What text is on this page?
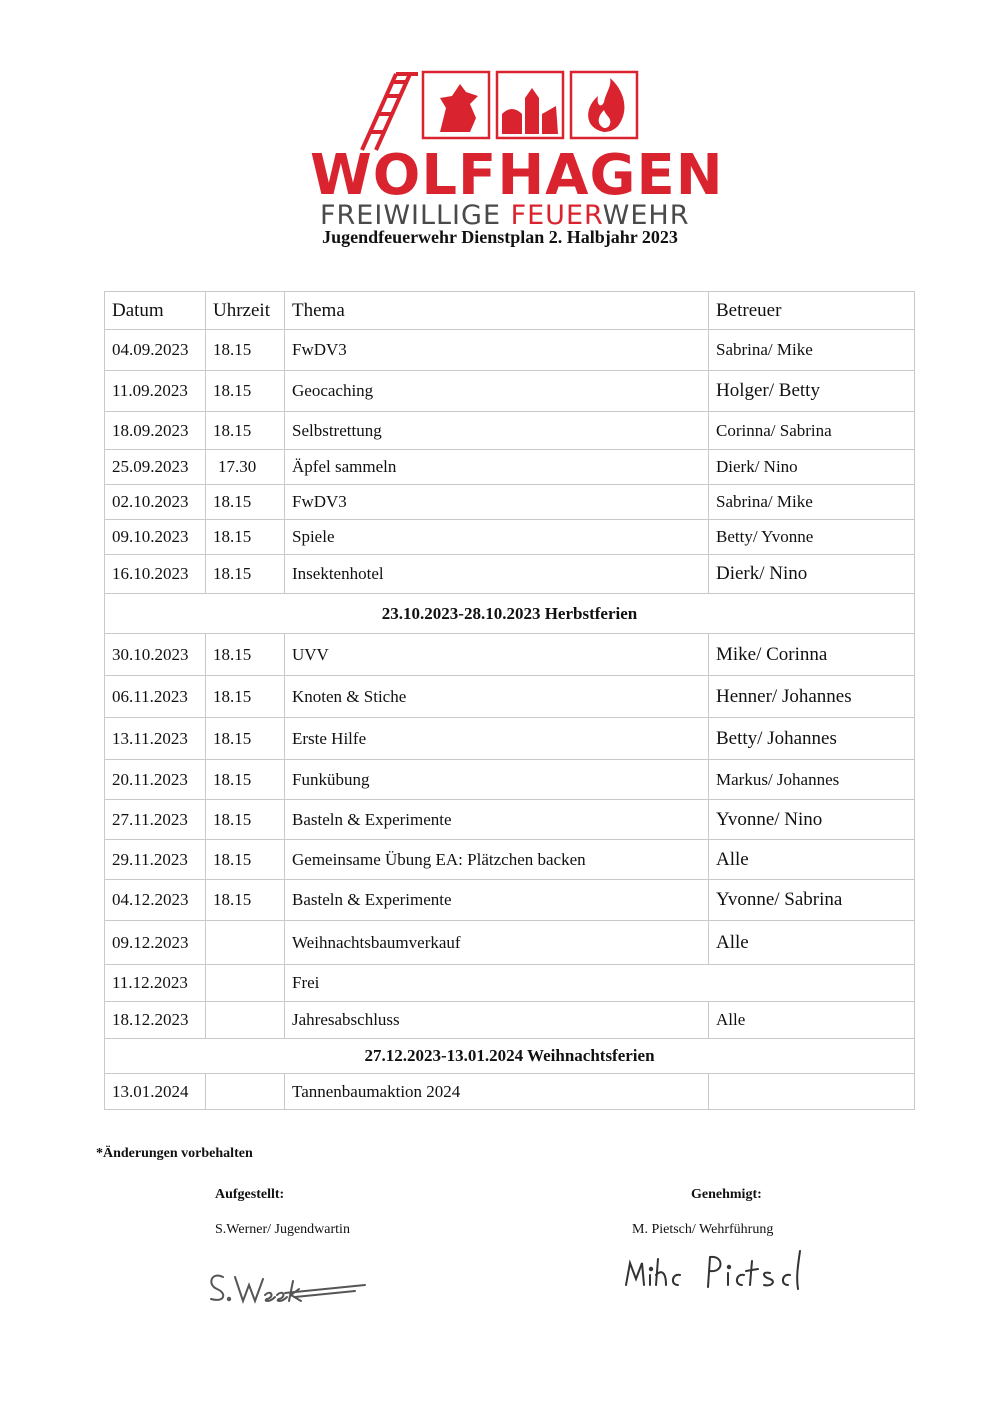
WOLFHAGEN
FREIWILLIGE FEUERWEHR
Jugendfeuerwehr Dienstplan 2. Halbjahr 2023
Datum	Uhrzeit	Thema	Betreuer
04.09.2023	18.15	FwDV3	Sabrina/ Mike
11.09.2023	18.15	Geocaching	Holger/ Betty
18.09.2023	18.15	Selbstrettung	Corinna/ Sabrina
25.09.2023	17.30	Äpfel sammeln	Dierk/ Nino
02.10.2023	18.15	FwDV3	Sabrina/ Mike
09.10.2023	18.15	Spiele	Betty/ Yvonne
16.10.2023	18.15	Insektenhotel	Dierk/ Nino
23.10.2023-28.10.2023 Herbstferien			
30.10.2023	18.15	UVV	Mike/ Corinna
06.11.2023	18.15	Knoten & Stiche	Henner/ Johannes
13.11.2023	18.15	Erste Hilfe	Betty/ Johannes
20.11.2023	18.15	Funkübung	Markus/ Johannes
27.11.2023	18.15	Basteln & Experimente	Yvonne/ Nino
29.11.2023	18.15	Gemeinsame Übung EA: Plätzchen backen	Alle
04.12.2023	18.15	Basteln & Experimente	Yvonne/ Sabrina
09.12.2023		Weihnachtsbaumverkauf	Alle
11.12.2023		Frei	
18.12.2023		Jahresabschluss	Alle
27.12.2023-13.01.2024 Weihnachtsferien			
13.01.2024		Tannenbaumaktion 2024	
*Änderungen vorbehalten
Aufgestellt:	Genehmigt:
S.Werner/ Jugendwartin	M. Pietsch/ Wehrführung
